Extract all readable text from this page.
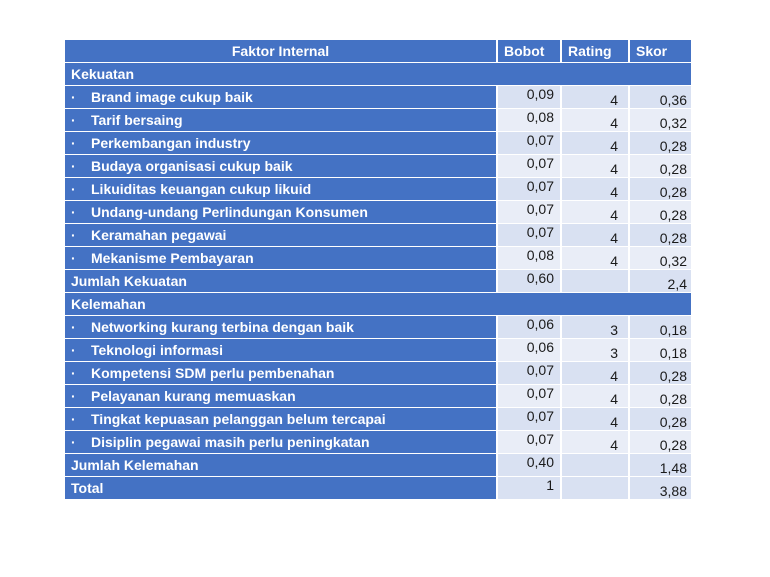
Faktor Internal	Bobot	Rating	Skor
Kekuatan			
· Brand image cukup baik	0,09	4	0,36
· Tarif bersaing	0,08	4	0,32
· Perkembangan industry	0,07	4	0,28
· Budaya organisasi cukup baik	0,07	4	0,28
· Likuiditas keuangan cukup likuid	0,07	4	0,28
· Undang-undang Perlindungan Konsumen	0,07	4	0,28
· Keramahan pegawai	0,07	4	0,28
· Mekanisme Pembayaran	0,08	4	0,32
Jumlah Kekuatan	0,60		2,4
Kelemahan			
· Networking kurang terbina dengan baik	0,06	3	0,18
· Teknologi informasi	0,06	3	0,18
· Kompetensi SDM perlu pembenahan	0,07	4	0,28
· Pelayanan kurang memuaskan	0,07	4	0,28
· Tingkat kepuasan pelanggan belum tercapai	0,07	4	0,28
· Disiplin pegawai masih perlu peningkatan	0,07	4	0,28
Jumlah Kelemahan	0,40		1,48
Total	1		3,88
